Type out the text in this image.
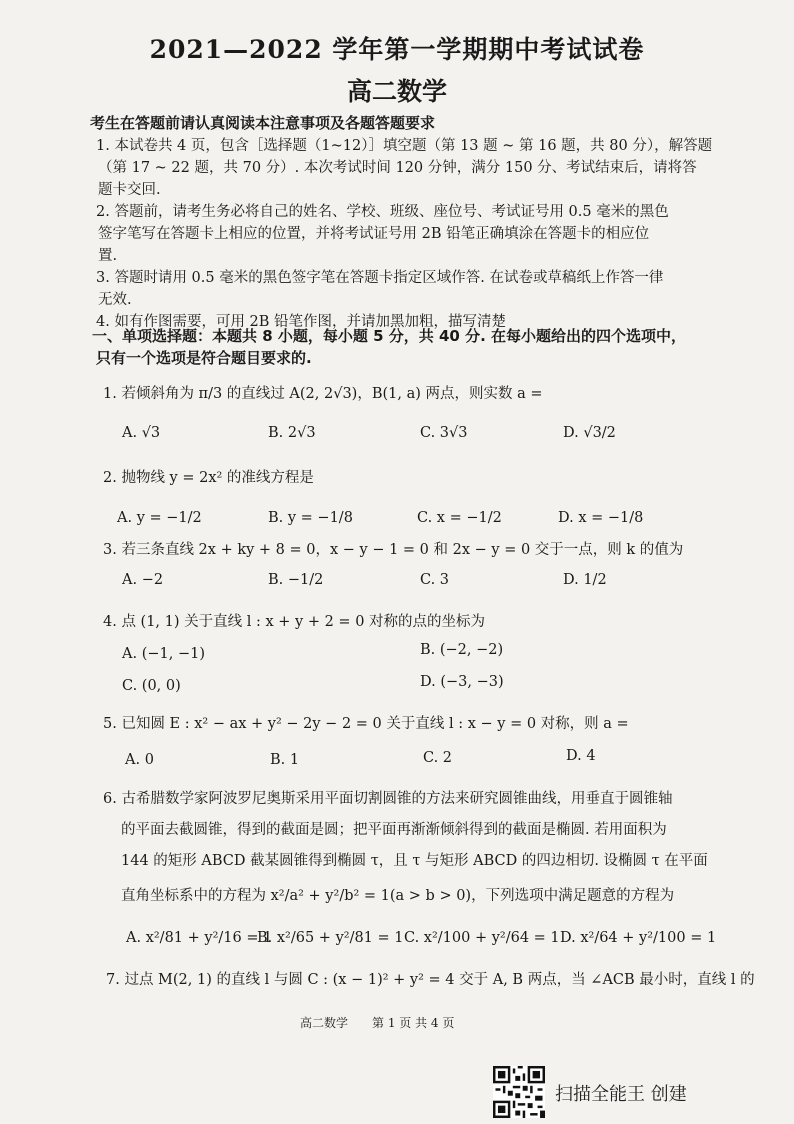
2021—2022 学年第一学期期中考试试卷
高二数学
考生在答题前请认真阅读本注意事项及各题答题要求
1. 本试卷共 4 页，包含［选择题（1~12）］填空题（第 13 题 ~ 第 16 题，共 80 分），解答题
（第 17 ~ 22 题，共 70 分）. 本次考试时间 120 分钟，满分 150 分、考试结束后，请将答
题卡交回.
2. 答题前，请考生务必将自己的姓名、学校、班级、座位号、考试证号用 0.5 毫米的黑色
签字笔写在答题卡上相应的位置，并将考试证号用 2B 铅笔正确填涂在答题卡的相应位
置.
3. 答题时请用 0.5 毫米的黑色签字笔在答题卡指定区域作答. 在试卷或草稿纸上作答一律
无效.
4. 如有作图需要，可用 2B 铅笔作图，并请加黑加粗，描写清楚
一、单项选择题：本题共 8 小题，每小题 5 分，共 40 分. 在每小题给出的四个选项中，
只有一个选项是符合题目要求的.
1. 若倾斜角为 π/3 的直线过 A(2, 2√3)，B(1, a) 两点，则实数 a =
A. √3	B. 2√3	C. 3√3	D. √3/2
2. 抛物线 y = 2x² 的准线方程是
A. y = −1/2	B. y = −1/8	C. x = −1/2	D. x = −1/8
3. 若三条直线 2x + ky + 8 = 0，x − y − 1 = 0 和 2x − y = 0 交于一点，则 k 的值为
A. −2	B. −1/2	C. 3	D. 1/2
4. 点 (1, 1) 关于直线 l : x + y + 2 = 0 对称的点的坐标为
A. (−1, −1)	B. (−2, −2)
C. (0, 0)	D. (−3, −3)
5. 已知圆 E : x² − ax + y² − 2y − 2 = 0 关于直线 l : x − y = 0 对称，则 a =
A. 0	B. 1	C. 2	D. 4
6. 古希腊数学家阿波罗尼奥斯采用平面切割圆锥的方法来研究圆锥曲线，用垂直于圆锥轴
的平面去截圆锥，得到的截面是圆；把平面再渐渐倾斜得到的截面是椭圆. 若用面积为
144 的矩形 ABCD 截某圆锥得到椭圆 τ，且 τ 与矩形 ABCD 的四边相切. 设椭圆 τ 在平面
直角坐标系中的方程为 x²/a² + y²/b² = 1(a > b > 0)，下列选项中满足题意的方程为
A. x²/81 + y²/16 = 1
B. x²/65 + y²/81 = 1 C. x²/100 + y²/64 = 1 D. x²/64 + y²/100 = 1
7. 过点 M(2, 1) 的直线 l 与圆 C : (x − 1)² + y² = 4 交于 A, B 两点，当 ∠ACB 最小时，直线 l 的
高二数学　　第 1 页 共 4 页
扫描全能王 创建
